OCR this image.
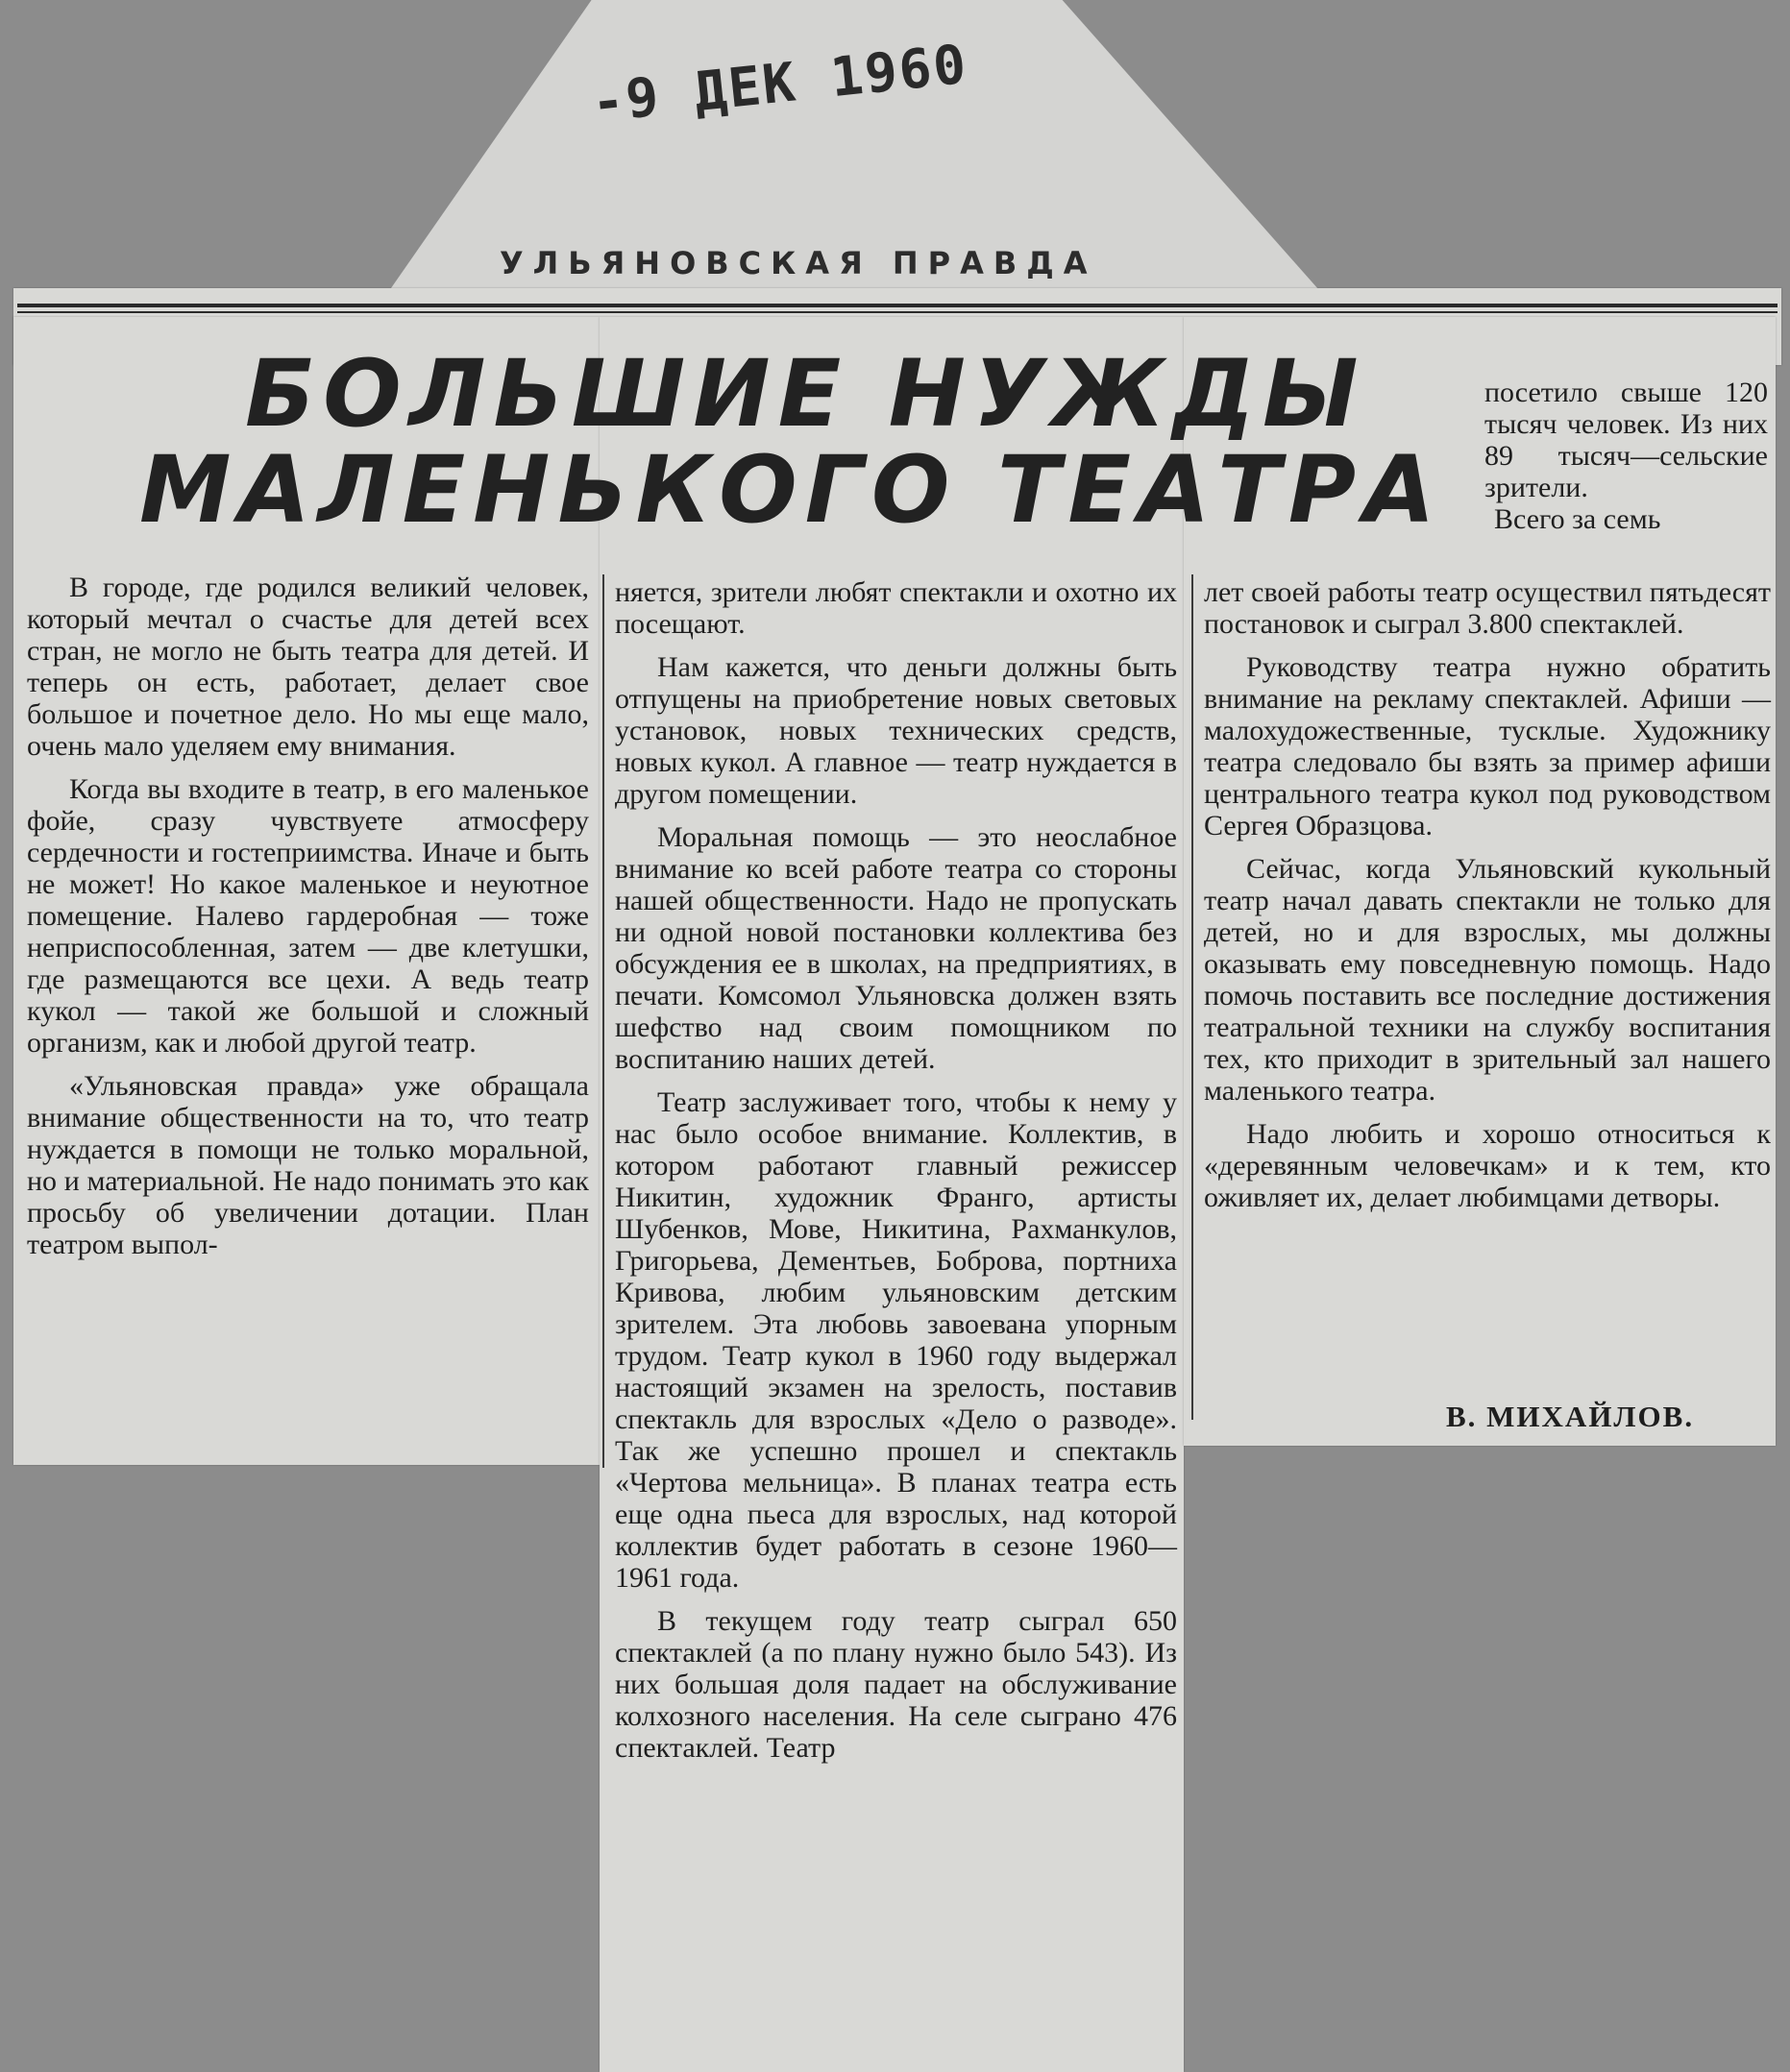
-9 ДЕК 1960
УЛЬЯНОВСКАЯ ПРАВДА
БОЛЬШИЕ НУЖДЫ
МАЛЕНЬКОГО ТЕАТРА

посетило свыше 120 тысяч человек. Из них 89 тысяч—сельские зрители.

Всего за семь

В городе, где родился великий человек, который мечтал о счастье для детей всех стран, не могло не быть театра для детей. И теперь он есть, работает, делает свое большое и почетное дело. Но мы еще мало, очень мало уделяем ему внимания.

Когда вы входите в театр, в его маленькое фойе, сразу чувствуете атмосферу сердечности и гостеприимства. Иначе и быть не может! Но какое маленькое и неуютное помещение. Налево гардеробная — тоже неприспособленная, затем — две клетушки, где размещаются все цехи. А ведь театр кукол — такой же большой и сложный организм, как и любой другой театр.

«Ульяновская правда» уже обращала внимание общественности на то, что театр нуждается в помощи не только моральной, но и материальной. Не надо понимать это как просьбу об увеличении дотации. План театром выпол-

няется, зрители любят спектакли и охотно их посещают.

Нам кажется, что деньги должны быть отпущены на приобретение новых световых установок, новых технических средств, новых кукол. А главное — театр нуждается в другом помещении.

Моральная помощь — это неослабное внимание ко всей работе театра со стороны нашей общественности. Надо не пропускать ни одной новой постановки коллектива без обсуждения ее в школах, на предприятиях, в печати. Комсомол Ульяновска должен взять шефство над своим помощником по воспитанию наших детей.

Театр заслуживает того, чтобы к нему у нас было особое внимание. Коллектив, в котором работают главный режиссер Никитин, художник Франго, артисты Шубенков, Мове, Никитина, Рахманкулов, Григорьева, Дементьев, Боброва, портниха Кривова, любим ульяновским детским зрителем. Эта любовь завоевана упорным трудом. Театр кукол в 1960 году выдержал настоящий экзамен на зрелость, поставив спектакль для взрослых «Дело о разводе». Так же успешно прошел и спектакль «Чертова мельница». В планах театра есть еще одна пьеса для взрослых, над которой коллектив будет работать в сезоне 1960—1961 года.

В текущем году театр сыграл 650 спектаклей (а по плану нужно было 543). Из них большая доля падает на обслуживание колхозного населения. На селе сыграно 476 спектаклей. Театр

лет своей работы театр осуществил пятьдесят постановок и сыграл 3.800 спектаклей.

Руководству театра нужно обратить внимание на рекламу спектаклей. Афиши — малохудожественные, тусклые. Художнику театра следовало бы взять за пример афиши центрального театра кукол под руководством Сергея Образцова.

Сейчас, когда Ульяновский кукольный театр начал давать спектакли не только для детей, но и для взрослых, мы должны оказывать ему повседневную помощь. Надо помочь поставить все последние достижения театральной техники на службу воспитания тех, кто приходит в зрительный зал нашего маленького театра.

Надо любить и хорошо относиться к «деревянным человечкам» и к тем, кто оживляет их, делает любимцами детворы.

В. МИХАЙЛОВ.
